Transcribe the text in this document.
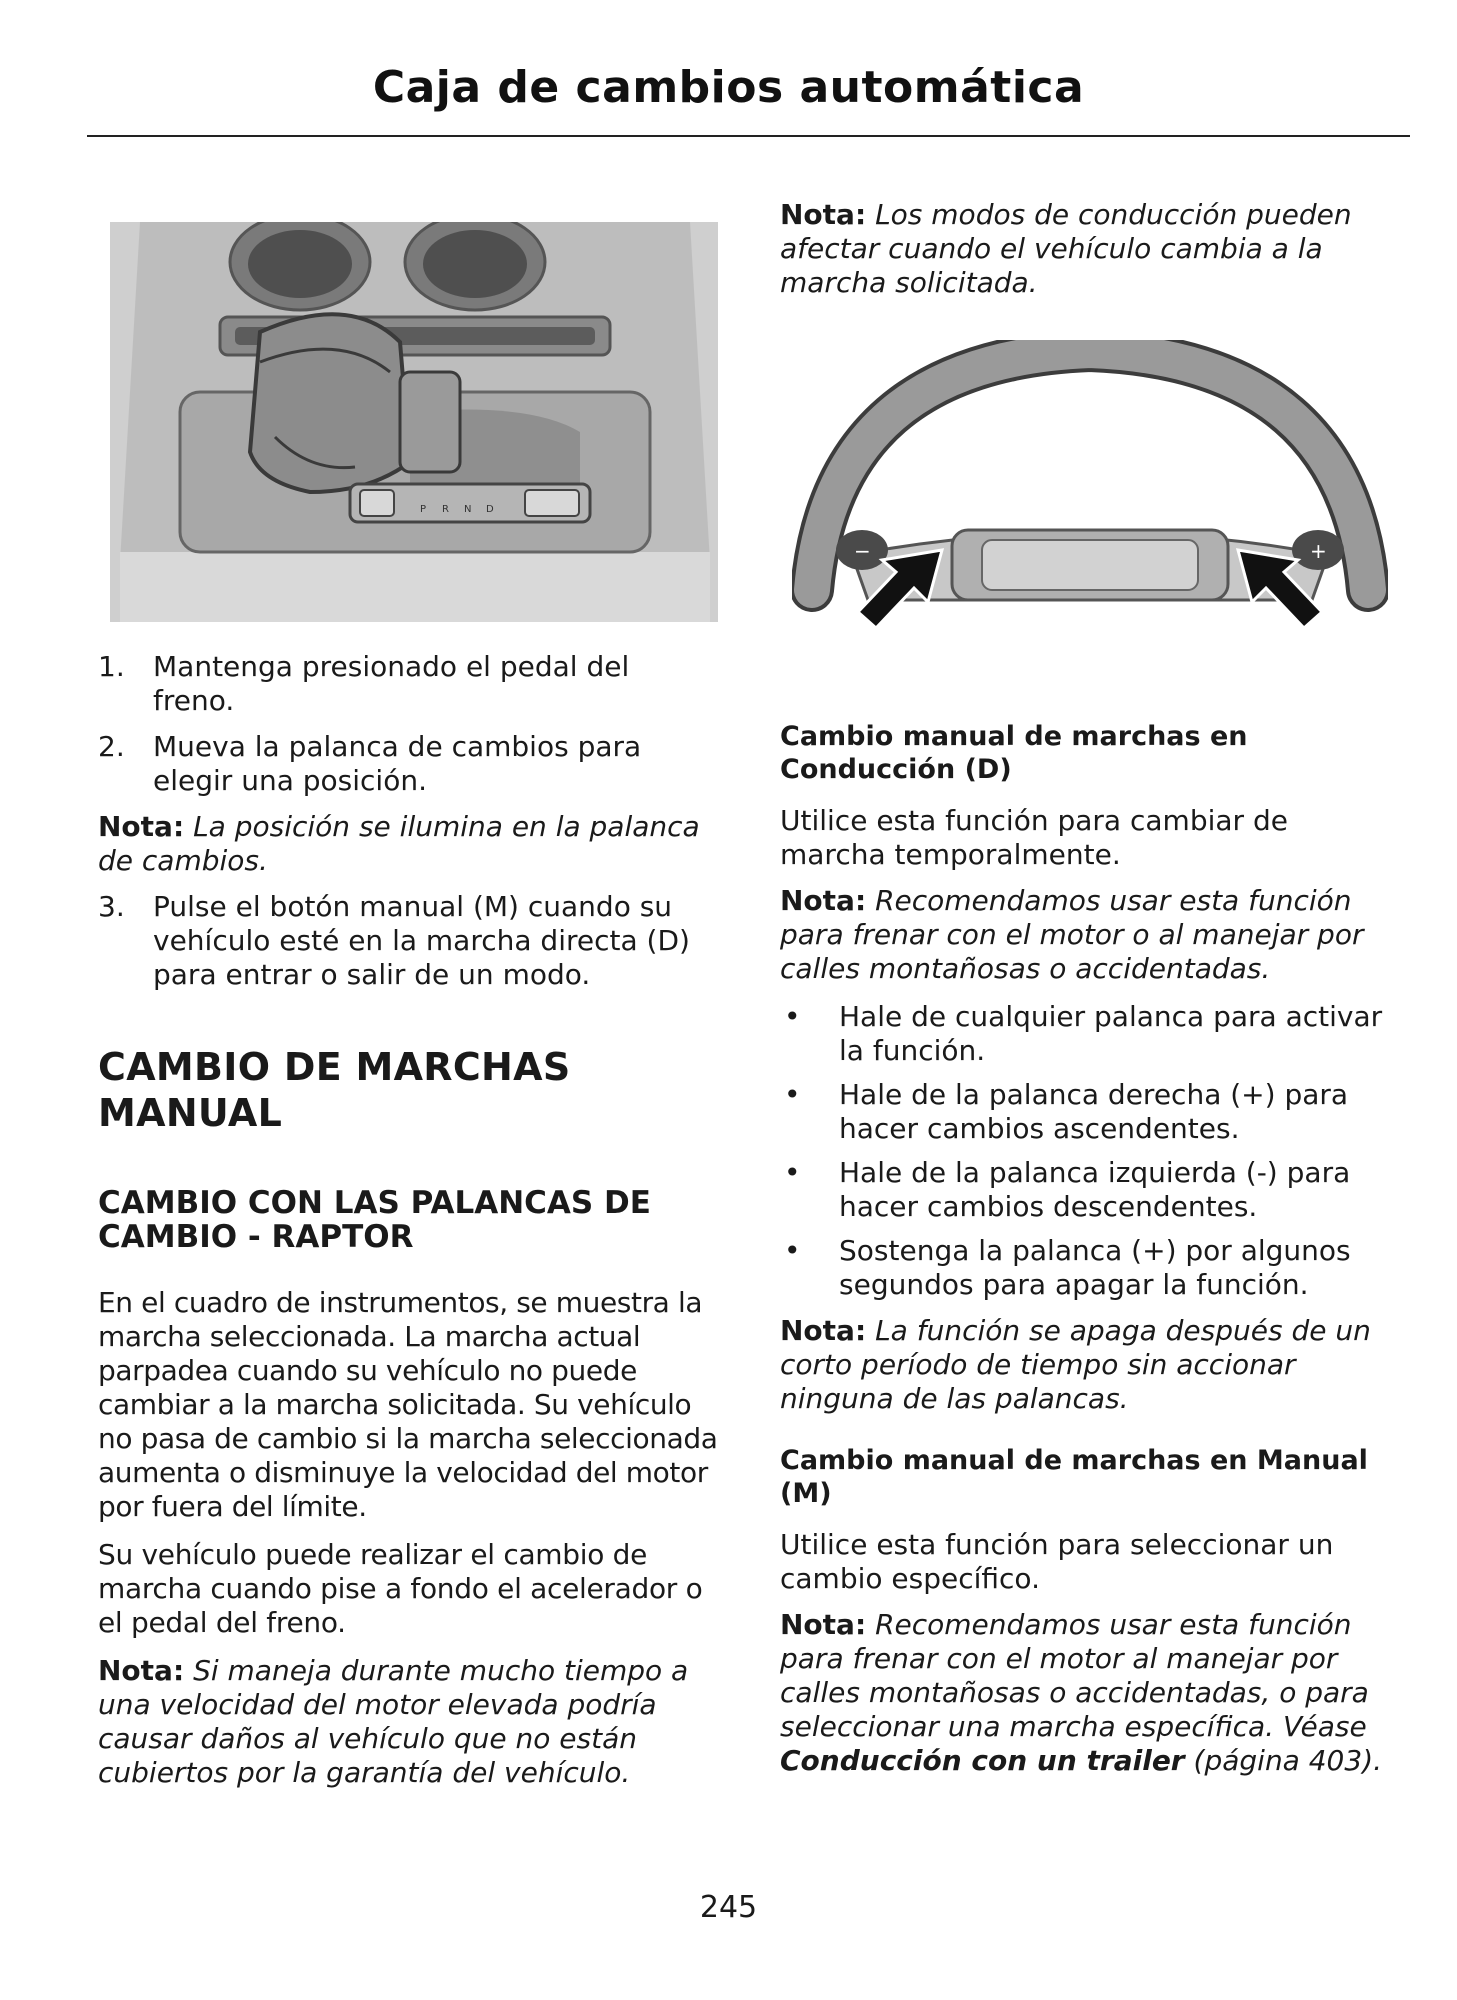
Caja de cambios automática
P R N D
−	+
1.	Mantenga presionado el pedal del freno.
2.	Mueva la palanca de cambios para elegir una posición.

Nota: La posición se ilumina en la palanca de cambios.

3.	Pulse el botón manual (M) cuando su vehículo esté en la marcha directa (D) para entrar o salir de un modo.
CAMBIO DE MARCHAS MANUAL
CAMBIO CON LAS PALANCAS DE CAMBIO - RAPTOR

En el cuadro de instrumentos, se muestra la marcha seleccionada. La marcha actual parpadea cuando su vehículo no puede cambiar a la marcha solicitada. Su vehículo no pasa de cambio si la marcha seleccionada aumenta o disminuye la velocidad del motor por fuera del límite.

Su vehículo puede realizar el cambio de marcha cuando pise a fondo el acelerador o el pedal del freno.

Nota: Si maneja durante mucho tiempo a una velocidad del motor elevada podría causar daños al vehículo que no están cubiertos por la garantía del vehículo.

Nota: Los modos de conducción pueden afectar cuando el vehículo cambia a la marcha solicitada.

Cambio manual de marchas en Conducción (D)

Utilice esta función para cambiar de marcha temporalmente.

Nota: Recomendamos usar esta función para frenar con el motor o al manejar por calles montañosas o accidentadas.

•	Hale de cualquier palanca para activar la función.
•	Hale de la palanca derecha (+) para hacer cambios ascendentes.
•	Hale de la palanca izquierda (-) para hacer cambios descendentes.
•	Sostenga la palanca (+) por algunos segundos para apagar la función.

Nota: La función se apaga después de un corto período de tiempo sin accionar ninguna de las palancas.

Cambio manual de marchas en Manual (M)

Utilice esta función para seleccionar un cambio específico.

Nota: Recomendamos usar esta función para frenar con el motor al manejar por calles montañosas o accidentadas, o para seleccionar una marcha específica. Véase Conducción con un trailer (página 403).

245
